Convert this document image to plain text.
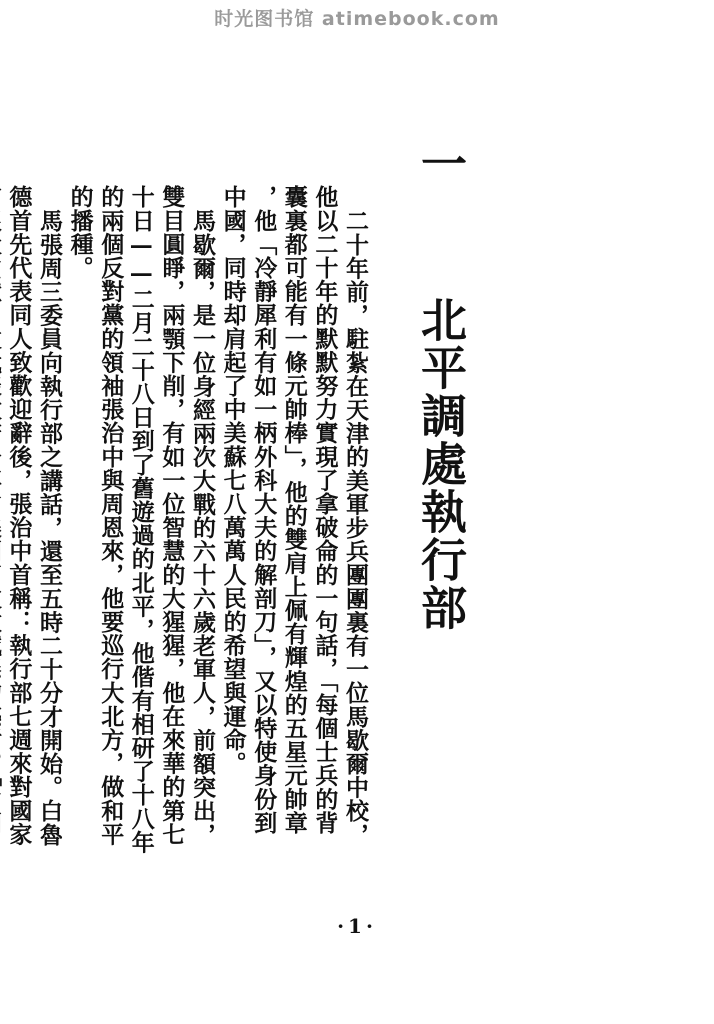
时光图书馆 atimebook.com
一 北平調處執行部
二十年前，駐紮在天津的美軍步兵團團裏有一位馬歇爾中校，
他以二十年的默默努力實現了拿破侖的一句話，「每個士兵的背
囊裏都可能有一條元帥棒」，他的雙肩上佩有輝煌的五星元帥章
，他「冷靜犀利有如一柄外科大夫的解剖刀」，又以特使身份到
中國，同時却肩起了中美蘇七八萬萬人民的希望與運命。
馬歇爾，是一位身經兩次大戰的六十六歲老軍人，前額突出，
雙目圓睜，兩顎下削，有如一位智慧的大猩猩，他在來華的第七
十日——二月二十八日到了舊遊過的北平，他偕有相研了十八年
的兩個反對黨的領袖張治中與周恩來，他要巡行大北方，做和平
的播種。
馬張周三委員向執行部之講話，還至五時二十分才開始。白魯
德首先代表同人致歡迎辭後，張治中首稱：執行部七週來對國家
·1·
